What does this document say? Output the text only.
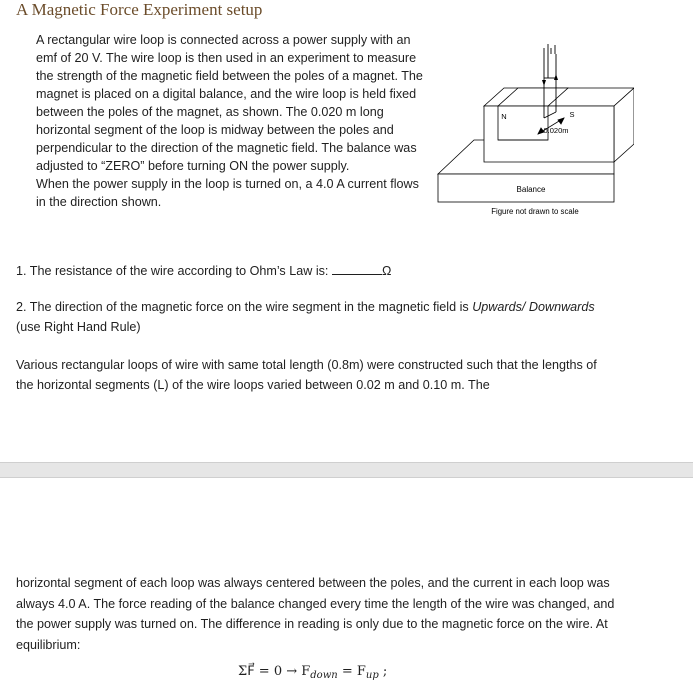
A Magnetic Force Experiment setup

A rectangular wire loop is connected across a power supply with an emf of 20 V. The wire loop is then used in an experiment to measure the strength of the magnetic field between the poles of a magnet. The magnet is placed on a digital balance, and the wire loop is held fixed between the poles of the magnet, as shown. The 0.020 m long horizontal segment of the loop is midway between the poles and perpendicular to the direction of the magnetic field. The balance was adjusted to “ZERO” before turning ON the power supply.

When the power supply in the loop is turned on, a 4.0 A current flows in the direction shown.

Balance
N	S
0.020m
Figure not drawn to scale
1. The resistance of the wire according to Ohm’s Law is:	Ω
2. The direction of the magnetic force on the wire segment in the magnetic field is Upwards/ Downwards (use Right Hand Rule)
Various rectangular loops of wire with same total length (0.8m) were constructed such that the lengths of the horizontal segments (L) of the wire loops varied between 0.02 m and 0.10 m. The
horizontal segment of each loop was always centered between the poles, and the current in each loop was always 4.0 A. The force reading of the balance changed every time the length of the wire was changed, and the power supply was turned on. The difference in reading is only due to the magnetic force on the wire. At equilibrium:
ΣF⃗ = $0 \to F_{down} = F_{up}$ ;
